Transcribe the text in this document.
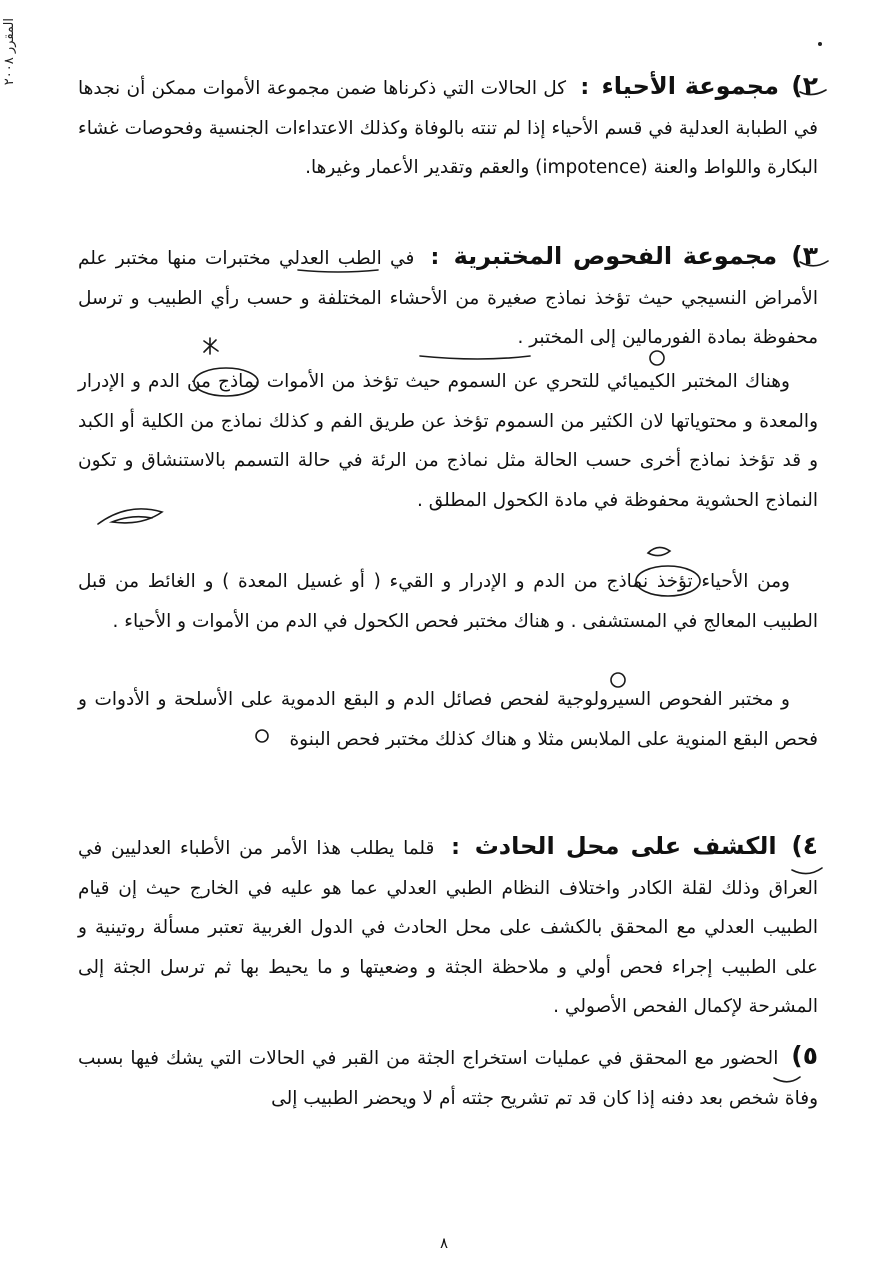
المقرر ٢٠٠٨
٢) مجموعة الأحياء : كل الحالات التي ذكرناها ضمن مجموعة الأموات ممكن أن نجدها في الطبابة العدلية في قسم الأحياء إذا لم تنته بالوفاة وكذلك الاعتداءات الجنسية وفحوصات غشاء البكارة واللواط والعنة (impotence) والعقم وتقدير الأعمار وغيرها.
٣) مجموعة الفحوص المختبرية : في الطب العدلي مختبرات منها مختبر علم الأمراض النسيجي حيث تؤخذ نماذج صغيرة من الأحشاء المختلفة و حسب رأي الطبيب و ترسل محفوظة بمادة الفورمالين إلى المختبر .
وهناك المختبر الكيميائي للتحري عن السموم حيث تؤخذ من الأموات نماذج من الدم و الإدرار والمعدة و محتوياتها لان الكثير من السموم تؤخذ عن طريق الفم و كذلك نماذج من الكلية أو الكبد و قد تؤخذ نماذج أخرى حسب الحالة مثل نماذج من الرئة في حالة التسمم بالاستنشاق و تكون النماذج الحشوية محفوظة في مادة الكحول المطلق .
ومن الأحياء تؤخذ نماذج من الدم و الإدرار و القيء ( أو غسيل المعدة ) و الغائط من قبل الطبيب المعالج في المستشفى . و هناك مختبر فحص الكحول في الدم من الأموات و الأحياء .
و مختبر الفحوص السيرولوجية لفحص فصائل الدم و البقع الدموية على الأسلحة و الأدوات و فحص البقع المنوية على الملابس مثلا و هناك كذلك مختبر فحص البنوة
٤) الكشف على محل الحادث : قلما يطلب هذا الأمر من الأطباء العدليين في العراق وذلك لقلة الكادر واختلاف النظام الطبي العدلي عما هو عليه في الخارج حيث إن قيام الطبيب العدلي مع المحقق بالكشف على محل الحادث في الدول الغربية تعتبر مسألة روتينية و على الطبيب إجراء فحص أولي و ملاحظة الجثة و وضعيتها و ما يحيط بها ثم ترسل الجثة إلى المشرحة لإكمال الفحص الأصولي .
٥) الحضور مع المحقق في عمليات استخراج الجثة من القبر في الحالات التي يشك فيها بسبب وفاة شخص بعد دفنه إذا كان قد تم تشريح جثته أم لا ويحضر الطبيب إلى
٨
